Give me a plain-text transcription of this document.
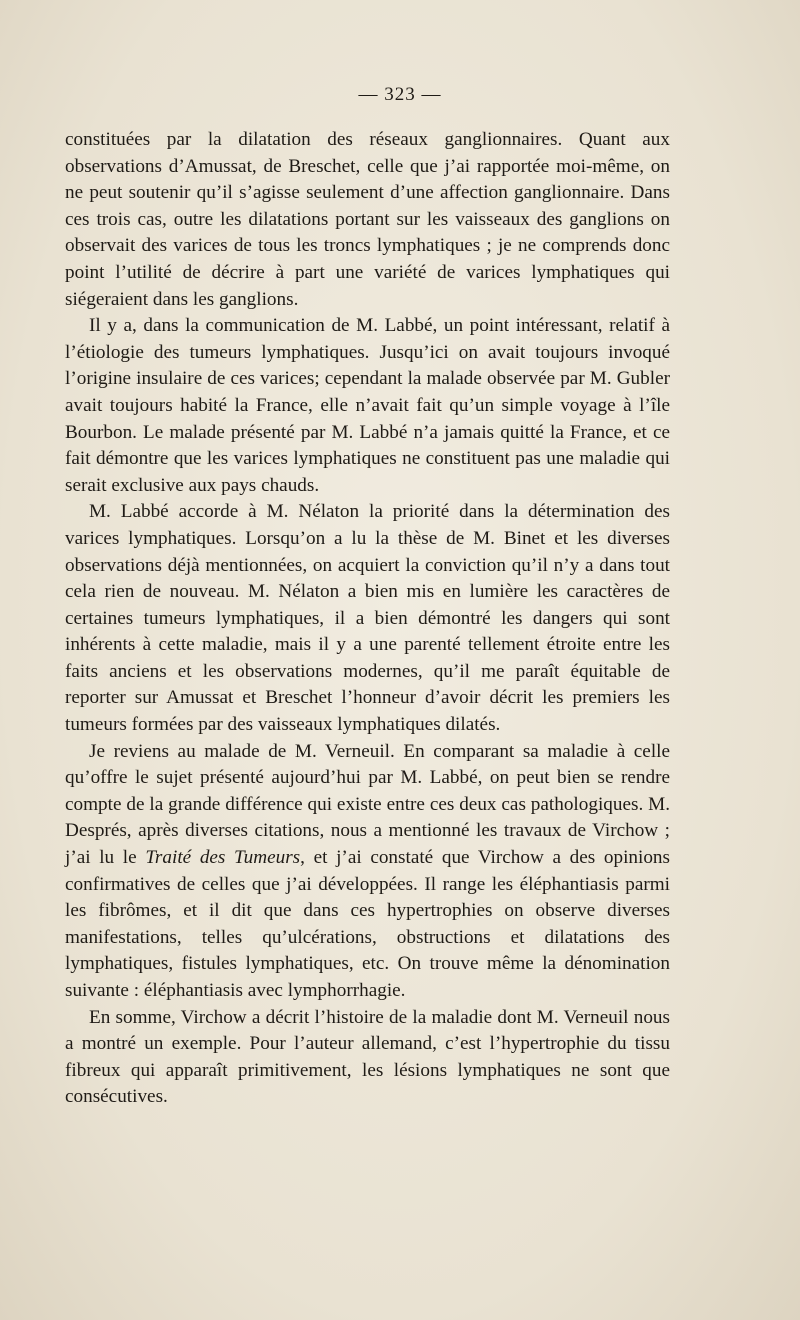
— 323 —

constituées par la dilatation des réseaux ganglionnaires. Quant aux observations d’Amussat, de Breschet, celle que j’ai rapportée moi-même, on ne peut soutenir qu’il s’agisse seulement d’une affection ganglionnaire. Dans ces trois cas, outre les dilatations portant sur les vaisseaux des ganglions on observait des varices de tous les troncs lymphatiques ; je ne comprends donc point l’utilité de décrire à part une variété de varices lymphatiques qui siégeraient dans les ganglions.

Il y a, dans la communication de M. Labbé, un point intéressant, relatif à l’étiologie des tumeurs lymphatiques. Jusqu’ici on avait toujours invoqué l’origine insulaire de ces varices; cependant la malade observée par M. Gubler avait toujours habité la France, elle n’avait fait qu’un simple voyage à l’île Bourbon. Le malade présenté par M. Labbé n’a jamais quitté la France, et ce fait démontre que les varices lymphatiques ne constituent pas une maladie qui serait exclusive aux pays chauds.

M. Labbé accorde à M. Nélaton la priorité dans la détermination des varices lymphatiques. Lorsqu’on a lu la thèse de M. Binet et les diverses observations déjà mentionnées, on acquiert la conviction qu’il n’y a dans tout cela rien de nouveau. M. Nélaton a bien mis en lumière les caractères de certaines tumeurs lymphatiques, il a bien démontré les dangers qui sont inhérents à cette maladie, mais il y a une parenté tellement étroite entre les faits anciens et les observations modernes, qu’il me paraît équitable de reporter sur Amussat et Breschet l’honneur d’avoir décrit les premiers les tumeurs formées par des vaisseaux lymphatiques dilatés.

Je reviens au malade de M. Verneuil. En comparant sa maladie à celle qu’offre le sujet présenté aujourd’hui par M. Labbé, on peut bien se rendre compte de la grande différence qui existe entre ces deux cas pathologiques. M. Després, après diverses citations, nous a mentionné les travaux de Virchow ; j’ai lu le Traité des Tumeurs, et j’ai constaté que Virchow a des opinions confirmatives de celles que j’ai développées. Il range les éléphantiasis parmi les fibrômes, et il dit que dans ces hypertrophies on observe diverses manifestations, telles qu’ulcérations, obstructions et dilatations des lymphatiques, fistules lymphatiques, etc. On trouve même la dénomination suivante : éléphantiasis avec lymphorrhagie.

En somme, Virchow a décrit l’histoire de la maladie dont M. Verneuil nous a montré un exemple. Pour l’auteur allemand, c’est l’hypertrophie du tissu fibreux qui apparaît primitivement, les lésions lymphatiques ne sont que consécutives.
